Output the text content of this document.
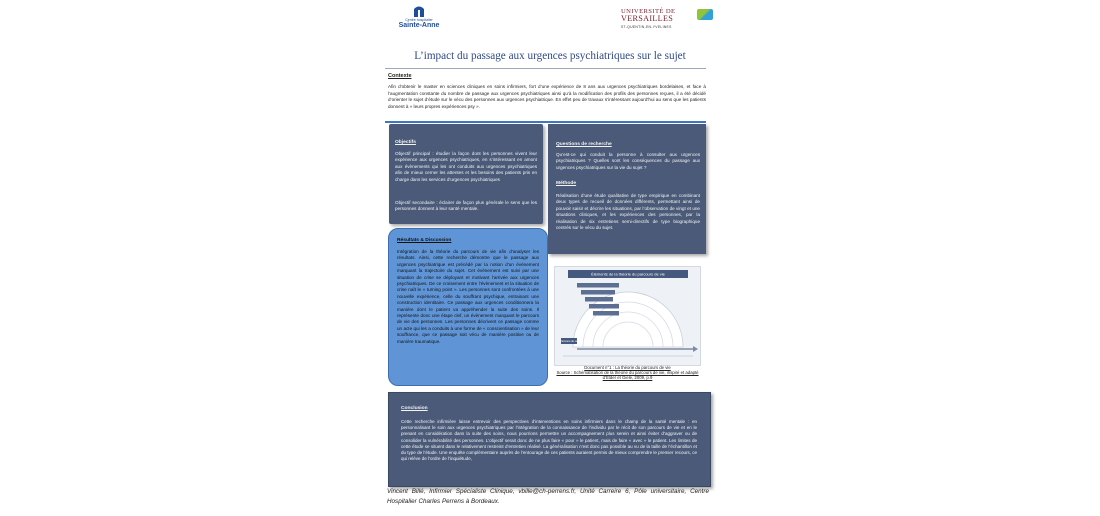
Centre hospitalier
Sainte-Anne
UNIVERSITÉ DE
VERSAILLES
ST-QUENTIN-EN-YVELINES
L’impact du passage aux urgences psychiatriques sur le sujet
Contexte
Afin d’obtenir le master en sciences cliniques en soins infirmiers, fort d’une expérience de 8 ans aux urgences psychiatriques bordelaises, et face à l’augmentation constante du nombre de passage aux urgences psychiatriques ainsi qu’à la modification des profils des personnes reçues, il a été décidé d’orienter le sujet d’étude sur le vécu des personnes aux urgences psychiatrique. En effet peu de travaux s’intéressant aujourd’hui au sens que les patients donnent à « leurs propres expériences psy ».
Objectifs
Objectif principal : étudier la façon dont les personnes vivent leur expérience aux urgences psychiatriques, en s’intéressant en amont aux évènements qui les ont conduits aux urgences psychiatriques afin de mieux cerner les attentes et les besoins des patients pris en charge dans les services d’urgences psychiatriques
Objectif secondaire : éclairer de façon plus générale le sens que les personnes donnent à leur santé mentale.
Questions de recherche
Qu’est-ce qui conduit la personne à consulter aux urgences psychiatriques ? Quelles sont les conséquences du passage aux urgences psychiatriques sur la vie du sujet ?
Méthode
Réalisation d’une étude qualitative de type empirique en combinant deux types de recueil de données différents, permettant ainsi de pouvoir saisir et décrire les situations, par l’observation de vingt et une situations cliniques, et les expériences des personnes, par la réalisation de six entretiens semi-directifs de type biographique centrés sur le vécu du sujet.
Résultats & Discussion
Intégration de la théorie du parcours de vie afin d’analyser les résultats. Ainsi, cette recherche démontre que le passage aux urgences psychiatrique est précédé par la notion d’un évènement marquant la trajectoire du sujet. Cet évènement est suivi par une situation de crise se déployant et motivant l’arrivée aux urgences psychiatriques. De ce croisement entre l’évènement et la situation de crise naît le « turning point ». Les personnes sont confrontées à une nouvelle expérience, celle du souffrant psychique, entrainant une construction identitaire. Ce passage aux urgences conditionnera la manière dont le patient va appréhender la suite des soins. Il représente donc une étape clef, un évènement marquant le parcours de vie des personnes. Les personnes décrivent ce passage comme un acte qui les a conduits à une forme de « conscientisation » de leur souffrance, que ce passage soit vécu de manière positive ou de manière traumatique.
Éléments de la théorie du parcours de vie
Parcours de vie
Document n°1 : La théorie du parcours de vie
Source : Schématisation de la théorie du parcours de vie, inspiré et adapté d’Elder et Giele, 2009, p.9
Conclusion
Cette recherche infirmière laisse entrevoir des perspectives d’interventions en soins infirmiers dans le champ de la santé mentale : en personnalisant le soin aux urgences psychiatriques par l’intégration de la connaissance de l’individu par le récit de son parcours de vie et en le prenant en considération dans la suite des soins, nous pourrions permettre un accompagnement plus serein et ainsi éviter d’aggraver ou de consolider la vulnérabilité des personnes. L’objectif serait donc de ne plus faire « pour » le patient, mais de faire « avec » le patient. Les limites de cette étude se situent dans le relativement restreint d’entretien réalisé. La généralisation n’est donc pas possible au vu de la taille de l’échantillon et du type de l’étude. Une enquête complémentaire auprès de l’entourage de ces patients auraient permis de mieux comprendre le premier recours, ce qui relève de l’ordre de l’inquiétude,
Vincent Billé, Infirmier Spécialiste Clinique, vbille@ch-perrens.fr, Unité Carreire 6, Pôle universitaire, Centre Hospitalier Charles Perrens à Bordeaux.
